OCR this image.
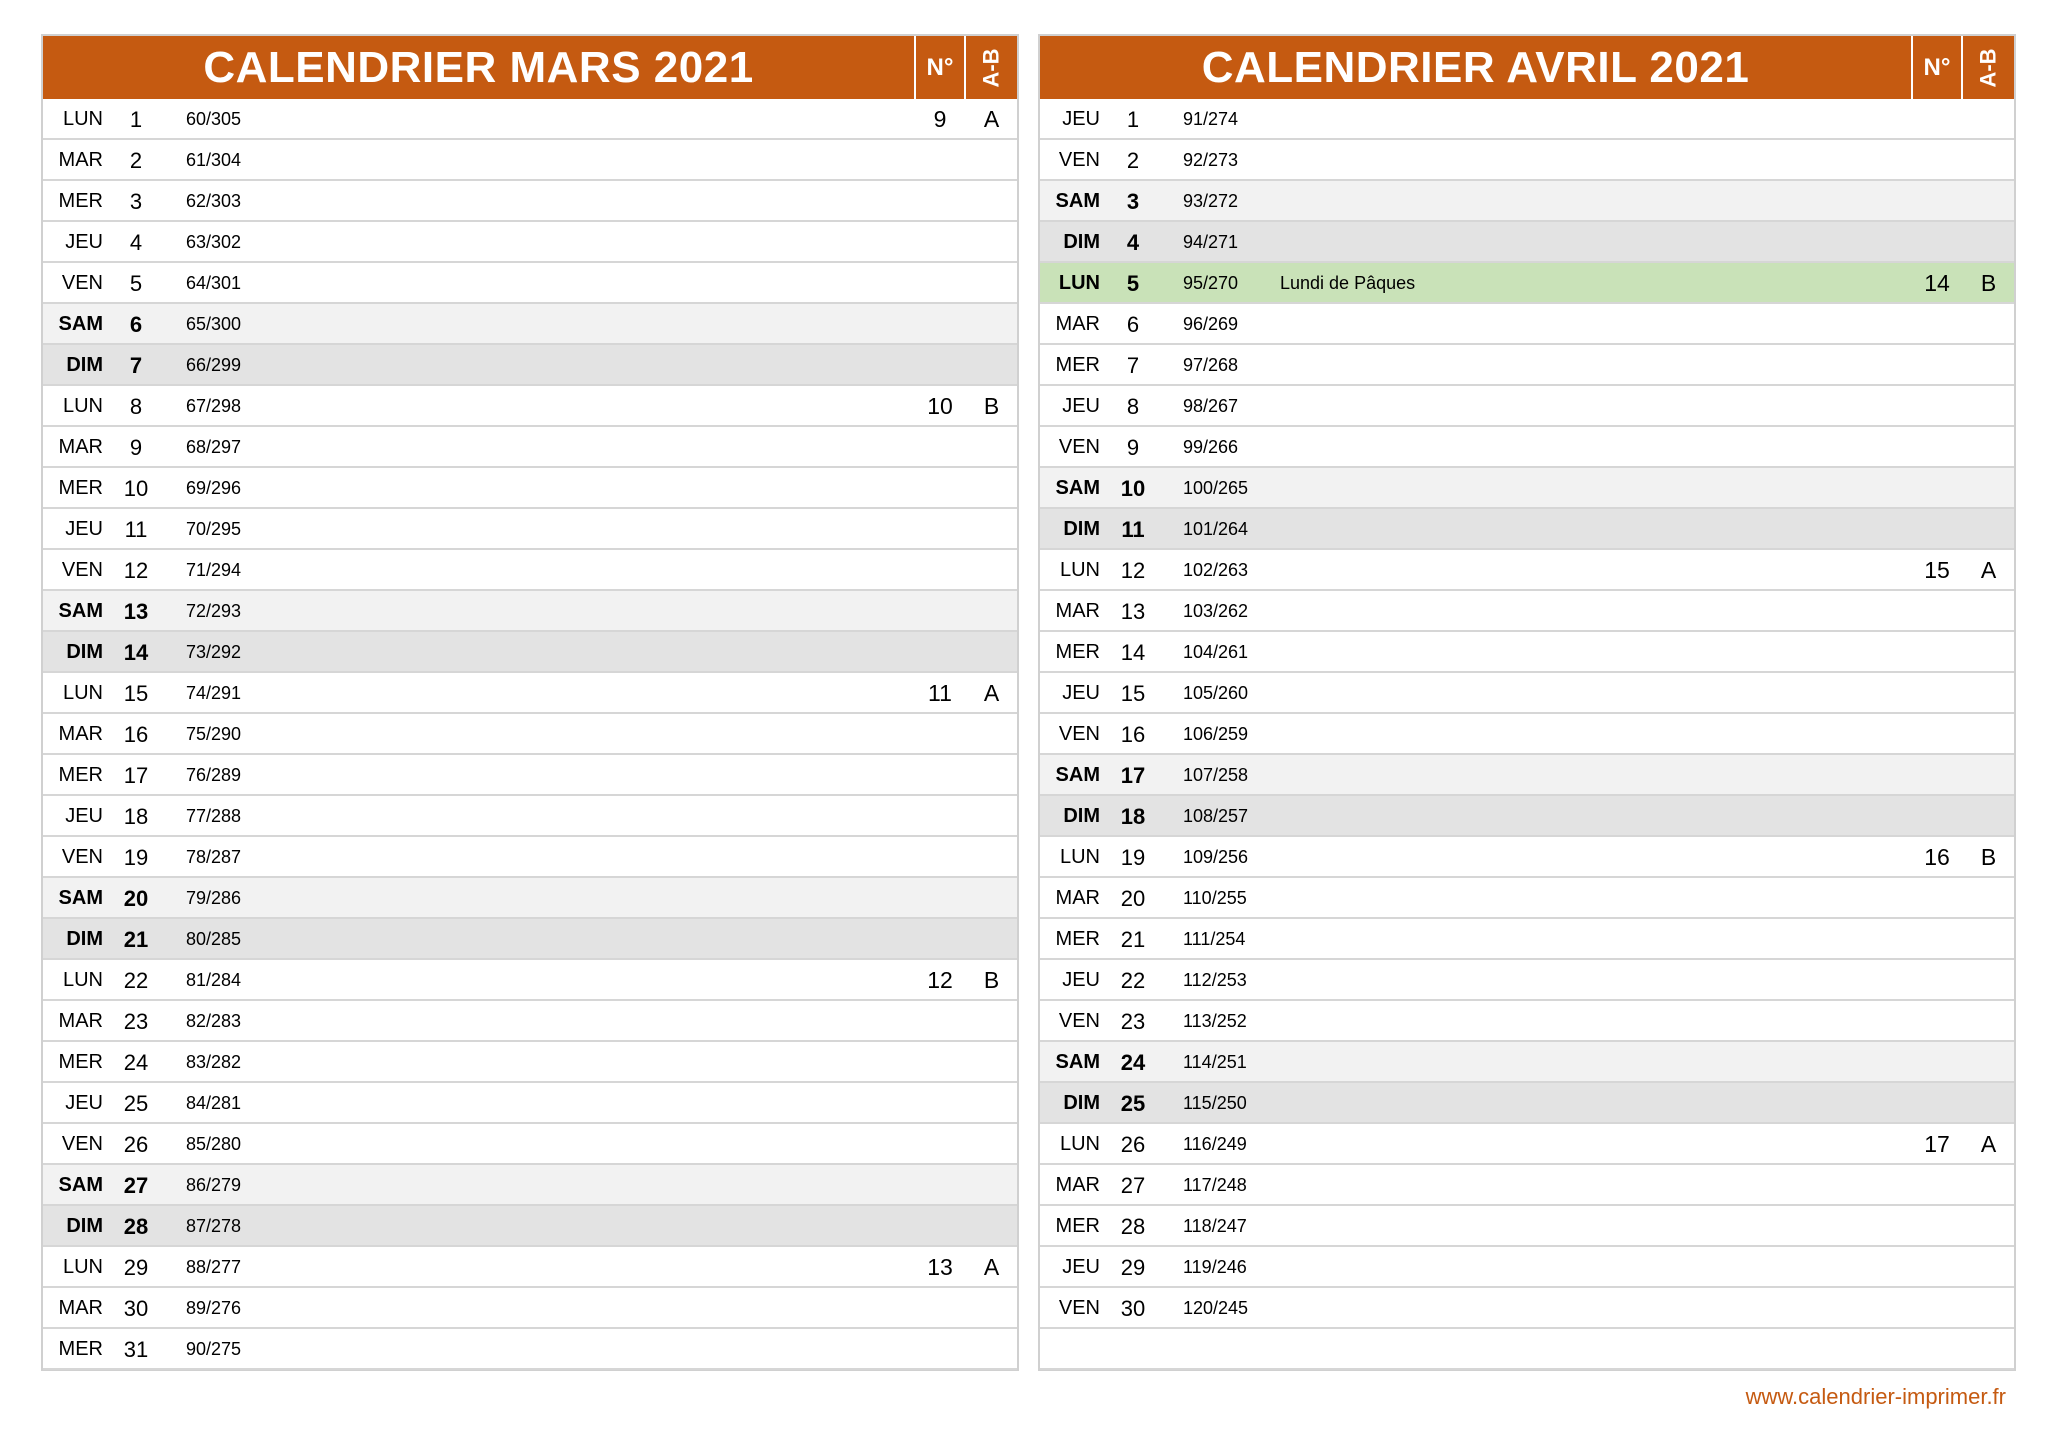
CALENDRIER MARS 2021	N°	A-B
LUN	1	60/305	9	A
MAR	2	61/304
MER	3	62/303
JEU	4	63/302
VEN	5	64/301
SAM	6	65/300
DIM	7	66/299
LUN	8	67/298	10	B
MAR	9	68/297
MER 10 69/296
JEU 11	70/295
VEN 12 71/294
SAM 13 72/293
DIM 14 73/292
LUN 15 74/291	11	A
MAR 16 75/290
MER 17 76/289
JEU 18 77/288
VEN 19 78/287
SAM 20 79/286
DIM 21 80/285
LUN 22 81/284	12	B
MAR 23 82/283
MER 24 83/282
JEU 25 84/281
VEN 26 85/280
SAM 27 86/279
DIM 28 87/278
LUN 29 88/277	13	A
MAR 30 89/276
MER 31 90/275
CALENDRIER AVRIL 2021	N°	A-B
JEU	1	91/274
VEN	2	92/273
SAM	3	93/272
DIM	4	94/271
LUN	5	95/270 Lundi de Pâques	14	B
MAR	6	96/269
MER	7	97/268
JEU	8	98/267
VEN	9	99/266
SAM 10 100/265
DIM 11 101/264
LUN 12 102/263	15	A
MAR 13 103/262
MER 14 104/261
JEU 15 105/260
VEN 16 106/259
SAM 17 107/258
DIM 18 108/257
LUN 19 109/256	16	B
MAR 20 110/255
MER 21 111/254
JEU 22 112/253
VEN 23 113/252
SAM 24 114/251
DIM 25 115/250
LUN 26 116/249	17	A
MAR 27 117/248
MER 28 118/247
JEU 29 119/246
VEN 30 120/245
www.calendrier-imprimer.fr
